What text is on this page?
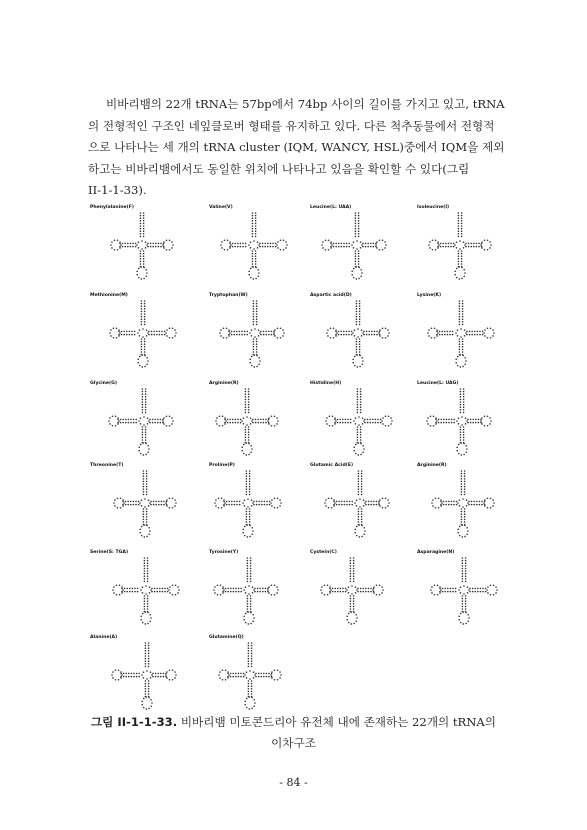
비바리뱀의 22개 tRNA는 57bp에서 74bp 사이의 길이를 가지고 있고, tRNA
의 전형적인 구조인 네잎클로버 형태를 유지하고 있다. 다른 척추동물에서 전형적
으로 나타나는 세 개의 tRNA cluster (IQM, WANCY, HSL)중에서 IQM을 제외
하고는 비바리뱀에서도 동일한 위치에 나타나고 있음을 확인할 수 있다(그림
II-1-1-33).
Phenylalanine(F)	Valine(V)	Leucine(L: UAA)	Isoleucine(I)
Methionine(M)	Tryptophan(W)	Aspartic acid(D)	Lysine(K)
Glycine(G)	Arginine(R)	Histidine(H)	Leucine(L: UAG)
Threonine(T)	Proline(P)	Glutamic Acid(E)	Arginine(R)
Serine(S: TGA)	Tyrosine(Y)	Cystein(C)	Asparagine(N)
Alanine(A)	Glutamine(Q)
그림 II-1-1-33. 비바리뱀 미토콘드리아 유전체 내에 존재하는 22개의 tRNA의
이차구조
- 84 -
